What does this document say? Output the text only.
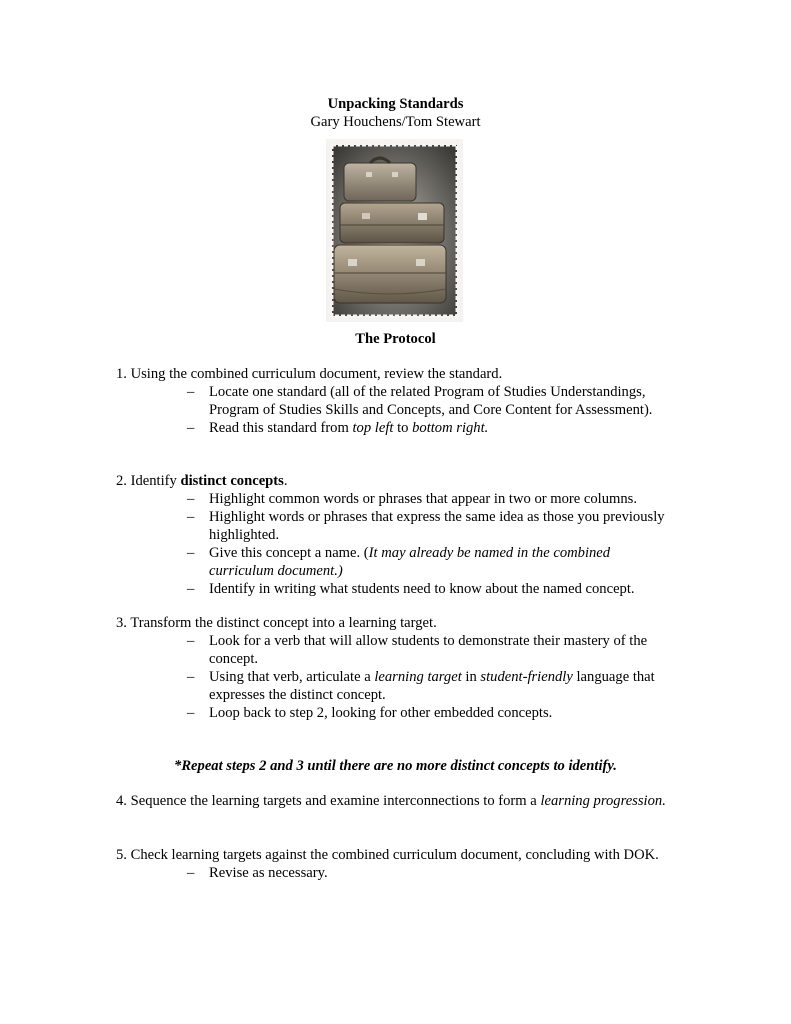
Unpacking Standards
Gary Houchens/Tom Stewart
The Protocol

1. Using the combined curriculum document, review the standard.

– Locate one standard (all of the related Program of Studies Understandings, Program of Studies Skills and Concepts, and Core Content for Assessment).
– Read this standard from top left to bottom right.

2. Identify distinct concepts.

– Highlight common words or phrases that appear in two or more columns.
– Highlight words or phrases that express the same idea as those you previously highlighted.
– Give this concept a name. (It may already be named in the combined curriculum document.)
– Identify in writing what students need to know about the named concept.

3. Transform the distinct concept into a learning target.

– Look for a verb that will allow students to demonstrate their mastery of the concept.
– Using that verb, articulate a learning target in student-friendly language that expresses the distinct concept.
– Loop back to step 2, looking for other embedded concepts.
*Repeat steps 2 and 3 until there are no more distinct concepts to identify.

4. Sequence the learning targets and examine interconnections to form a learning progression.

5. Check learning targets against the combined curriculum document, concluding with DOK.

– Revise as necessary.
